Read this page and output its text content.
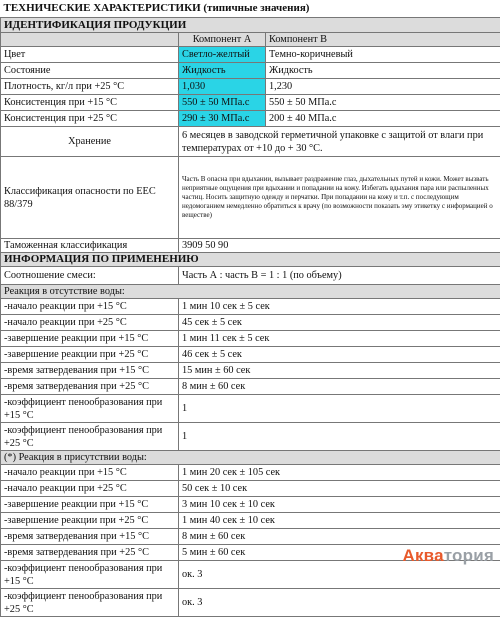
ТЕХНИЧЕСКИЕ ХАРАКТЕРИСТИКИ (типичные значения)		
ИДЕНТИФИКАЦИЯ ПРОДУКЦИИ		
	Компонент А	Компонент B
Цвет	Светло-желтый	Темно-коричневый
Состояние	Жидкость	Жидкость
Плотность, кг/л при +25 °С	1,030	1,230
Консистенция при +15 °С	550 ± 50 МПа.с	550 ± 50 МПа.с
Консистенция при +25 °С	290 ± 30 МПа.с	200 ± 40 МПа.с
Хранение	6 месяцев в заводской герметичной упаковке с защитой от влаги при температурах от +10 до + 30 °С.	
Классификация опасности по ЕЕС 88/379	Часть В опасна при вдыхании, вызывает раздражение глаз, дыхательных путей и кожи. Может вызвать неприятные ощущения при вдыхании и попадании на кожу. Избегать вдыхания пара или распыленных частиц. Носить защитную одежду и перчатки. При попадании на кожу и т.п. с последующим недомоганием немедленно обратиться к врачу (по возможности показать эму этикетку с информацией о веществе)	
Таможенная классификация	3909 50 90	
ИНФОРМАЦИЯ ПО ПРИМЕНЕНИЮ		
Соотношение смеси:	Часть А : часть В = 1 : 1 (по объему)	
Реакция в отсутствие воды:		
-начало реакции при +15 °С	1 мин 10 сек ± 5 сек	
-начало реакции при +25 °С	45 сек ± 5 сек	
-завершение реакции при +15 °С	1 мин 11 сек ± 5 сек	
-завершение реакции при +25 °С	46 сек ± 5 сек	
-время затвердевания при +15 °С	15 мин ± 60 сек	
-время затвердевания при +25 °С	8 мин ± 60 сек	
-коэффициент пенообразования при +15 °С	1	
-коэффициент пенообразования при +25 °С	1	
(*) Реакция в присутствии воды:		
-начало реакции при +15 °С	1 мин 20 сек ± 105 сек	
-начало реакции при +25 °С	50 сек ± 10 сек	
-завершение реакции при +15 °С	3 мин 10 сек ± 10 сек	
-завершение реакции при +25 °С	1 мин 40 сек ± 10 сек	
-время затвердевания при +15 °С	8 мин ± 60 сек	
-время затвердевания при +25 °С	5 мин ± 60 сек	
-коэффициент пенообразования при +15 °С	ок. 3	
-коэффициент пенообразования при +25 °С	ок. 3	
Акватория
